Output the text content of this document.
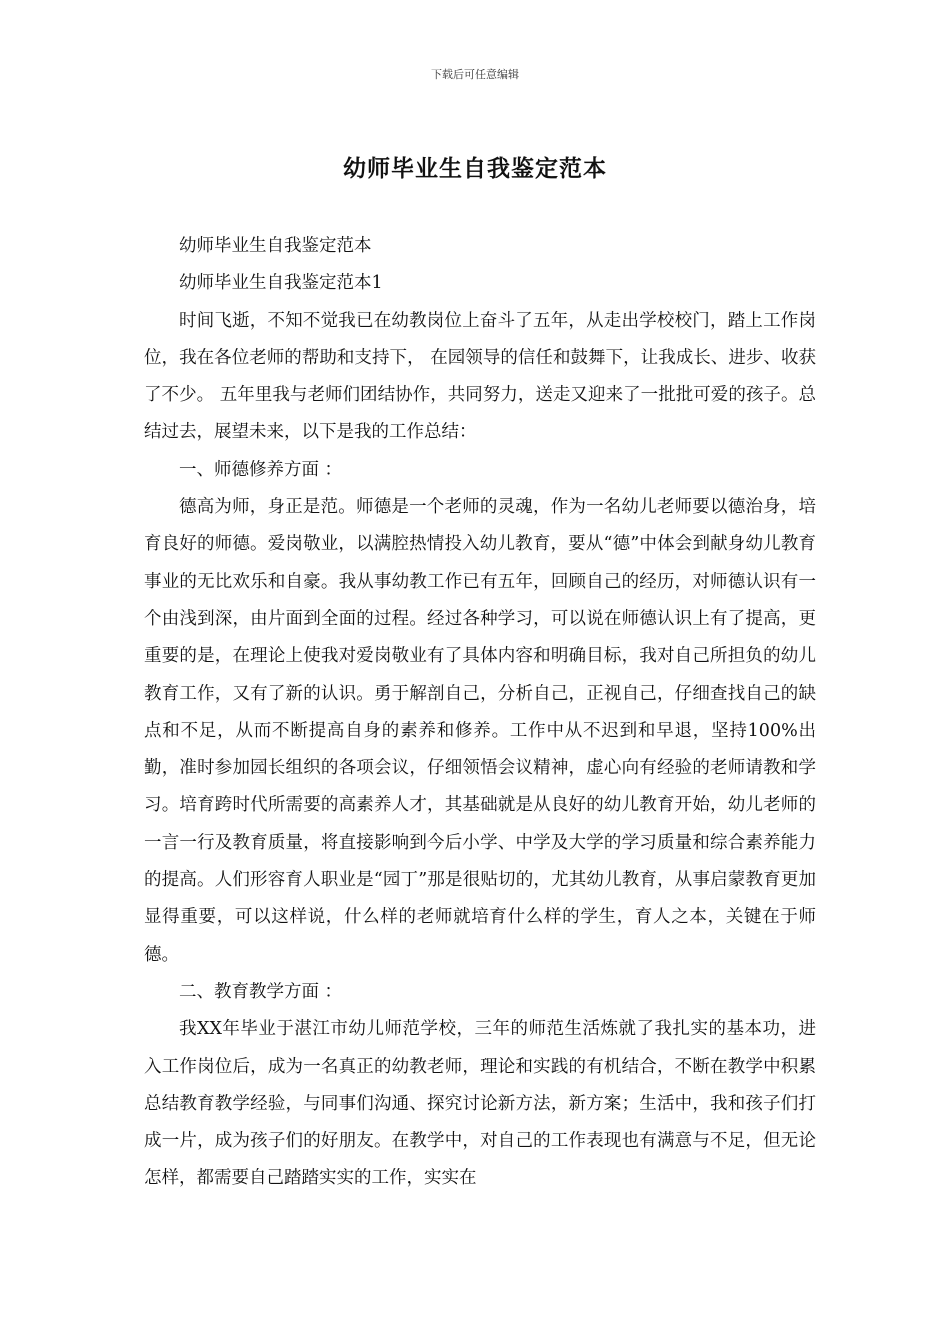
下载后可任意编辑
幼师毕业生自我鉴定范本

幼师毕业生自我鉴定范本

幼师毕业生自我鉴定范本1

时间飞逝，不知不觉我已在幼教岗位上奋斗了五年，从走出学校校门，踏上工作岗位，我在各位老师的帮助和支持下， 在园领导的信任和鼓舞下，让我成长、进步、收获了不少。 五年里我与老师们团结协作，共同努力，送走又迎来了一批批可爱的孩子。总结过去，展望未来，以下是我的工作总结：

一、师德修养方面 ：

德高为师，身正是范。师德是一个老师的灵魂，作为一名幼儿老师要以德治身，培育良好的师德。爱岗敬业，以满腔热情投入幼儿教育，要从“德”中体会到献身幼儿教育事业的无比欢乐和自豪。我从事幼教工作已有五年，回顾自己的经历，对师德认识有一个由浅到深，由片面到全面的过程。经过各种学习，可以说在师德认识上有了提高，更重要的是，在理论上使我对爱岗敬业有了具体内容和明确目标，我对自己所担负的幼儿教育工作，又有了新的认识。勇于解剖自己，分析自己，正视自己，仔细查找自己的缺点和不足，从而不断提高自身的素养和修养。工作中从不迟到和早退，坚持100%出勤，准时参加园长组织的各项会议，仔细领悟会议精神，虚心向有经验的老师请教和学习。培育跨时代所需要的高素养人才，其基础就是从良好的幼儿教育开始，幼儿老师的一言一行及教育质量，将直接影响到今后小学、中学及大学的学习质量和综合素养能力的提高。人们形容育人职业是“园丁”那是很贴切的，尤其幼儿教育，从事启蒙教育更加显得重要，可以这样说，什么样的老师就培育什么样的学生，育人之本，关键在于师德。

二、教育教学方面 ：

我XX年毕业于湛江市幼儿师范学校，三年的师范生活炼就了我扎实的基本功，进入工作岗位后，成为一名真正的幼教老师，理论和实践的有机结合，不断在教学中积累总结教育教学经验，与同事们沟通、探究讨论新方法，新方案；生活中，我和孩子们打成一片，成为孩子们的好朋友。在教学中，对自己的工作表现也有满意与不足，但无论怎样，都需要自己踏踏实实的工作，实实在
